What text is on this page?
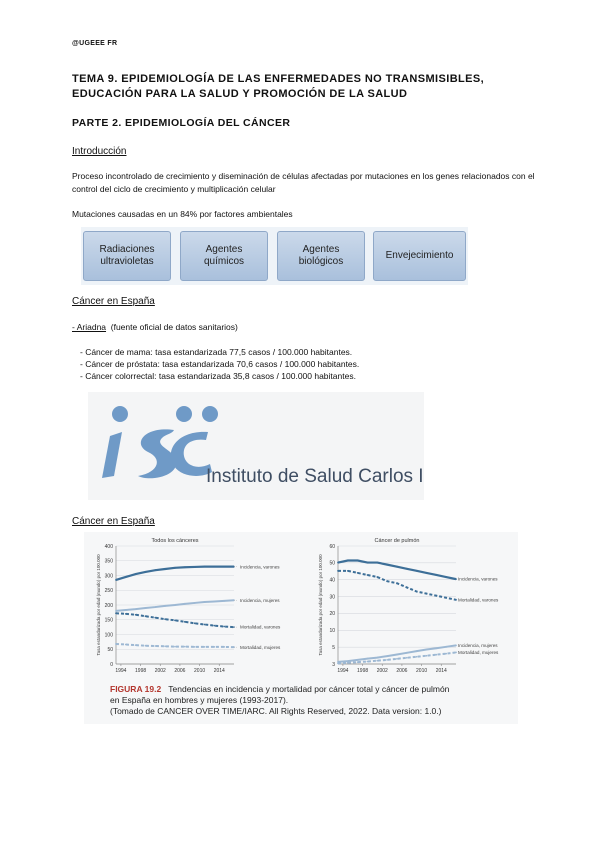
@UGEEE FR
TEMA 9. EPIDEMIOLOGÍA DE LAS ENFERMEDADES NO TRANSMISIBLES,
EDUCACIÓN PARA LA SALUD Y PROMOCIÓN DE LA SALUD
PARTE 2. EPIDEMIOLOGÍA DEL CÁNCER
Introducción
Proceso incontrolado de crecimiento y diseminación de células afectadas por mutaciones en los genes relacionados con el control del ciclo de crecimiento y multiplicación celular
Mutaciones causadas en un 84% por factores ambientales
Radiaciones
ultravioletas
Agentes
químicos
Agentes
biológicos
Envejecimiento
Cáncer en España
- Ariadna (fuente oficial de datos sanitarios)
- Cáncer de mama: tasa estandarizada 77,5 casos / 100.000 habitantes.
- Cáncer de próstata: tasa estandarizada 70,6 casos / 100.000 habitantes.
- Cáncer colorrectal: tasa estandarizada 35,8 casos / 100.000 habitantes.
Instituto de Salud Carlos III
Cáncer en España
Todos los cánceres
Tasa estandarizada por edad (mundo) por 100.000
0
50
100
150
200
250
300
350
400
1994 1998 2002 2006 2010 2014
Incidencia, varones
Incidencia, mujeres
Mortalidad, varones
Mortalidad, mujeres
Cáncer de pulmón
Tasa estandarizada por edad (mundo) por 100.000
3
5
10
20
30
40
50
60
1994 1998 2002 2006 2010 2014
Incidencia, varones
Mortalidad, varones
Incidencia, mujeres
Mortalidad, mujeres
FIGURA 19.2 Tendencias en incidencia y mortalidad por cáncer total y cáncer de pulmón
en España en hombres y mujeres (1993-2017).
(Tomado de CANCER OVER TIME/IARC. All Rights Reserved, 2022. Data version: 1.0.)
